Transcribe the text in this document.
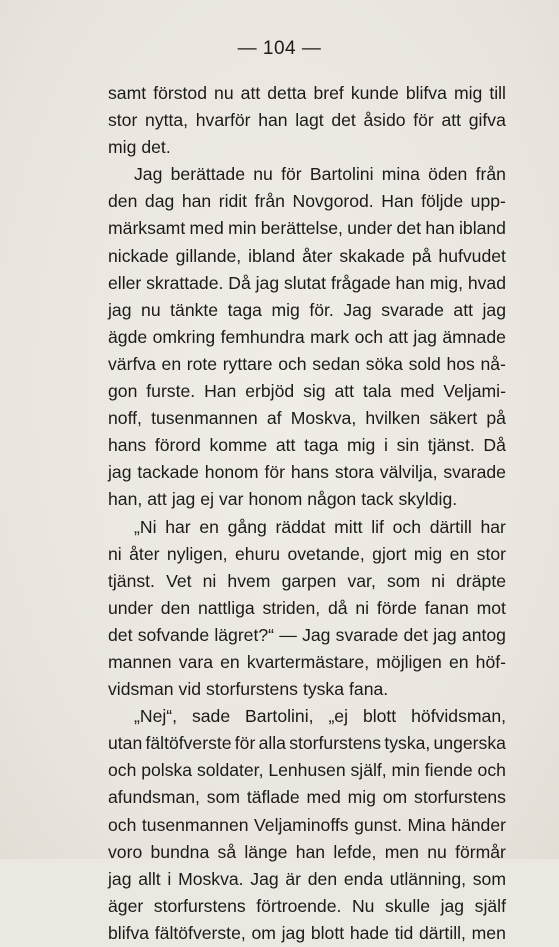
— 104 —
samt förstod nu att detta bref kunde blifva mig till
stor nytta, hvarför han lagt det åsido för att gifva
mig det.
Jag berättade nu för Bartolini mina öden från
den dag han ridit från Novgorod. Han följde upp-
märksamt med min berättelse, under det han ibland
nickade gillande, ibland åter skakade på hufvudet
eller skrattade. Då jag slutat frågade han mig, hvad
jag nu tänkte taga mig för. Jag svarade att jag
ägde omkring femhundra mark och att jag ämnade
värfva en rote ryttare och sedan söka sold hos nå-
gon furste. Han erbjöd sig att tala med Veljami-
noff, tusenmannen af Moskva, hvilken säkert på
hans förord komme att taga mig i sin tjänst. Då
jag tackade honom för hans stora välvilja, svarade
han, att jag ej var honom någon tack skyldig.
„Ni har en gång räddat mitt lif och därtill har
ni åter nyligen, ehuru ovetande, gjort mig en stor
tjänst. Vet ni hvem garpen var, som ni dräpte
under den nattliga striden, då ni förde fanan mot
det sofvande lägret?“ — Jag svarade det jag antog
mannen vara en kvartermästare, möjligen en höf-
vidsman vid storfurstens tyska fana.
„Nej“, sade Bartolini, „ej blott höfvidsman,
utan fältöfverste för alla storfurstens tyska, ungerska
och polska soldater, Lenhusen själf, min fiende och
afundsman, som täflade med mig om storfurstens
och tusenmannen Veljaminoffs gunst. Mina händer
voro bundna så länge han lefde, men nu förmår
jag allt i Moskva. Jag är den enda utlänning, som
äger storfurstens förtroende. Nu skulle jag själf
blifva fältöfverste, om jag blott hade tid därtill, men
